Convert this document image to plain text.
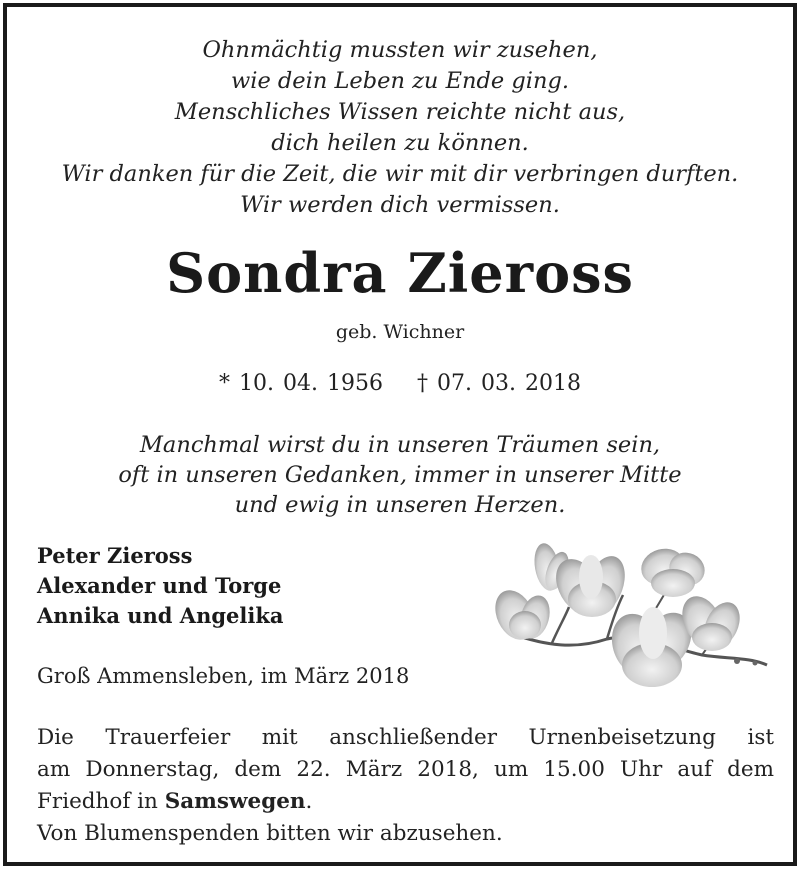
Ohnmächtig mussten wir zusehen,
wie dein Leben zu Ende ging.
Menschliches Wissen reichte nicht aus,
dich heilen zu können.
Wir danken für die Zeit, die wir mit dir verbringen durften.
Wir werden dich vermissen.
Sondra Zieross
geb. Wichner
* 10. 04. 1956 † 07. 03. 2018
Manchmal wirst du in unseren Träumen sein,
oft in unseren Gedanken, immer in unserer Mitte
und ewig in unseren Herzen.
Peter Zieross
Alexander und Torge
Annika und Angelika
Groß Ammensleben, im März 2018

Die Trauerfeier mit anschließender Urnenbeisetzung ist

am Donnerstag, dem 22. März 2018, um 15.00 Uhr auf dem

Friedhof in Samswegen.

Von Blumenspenden bitten wir abzusehen.
